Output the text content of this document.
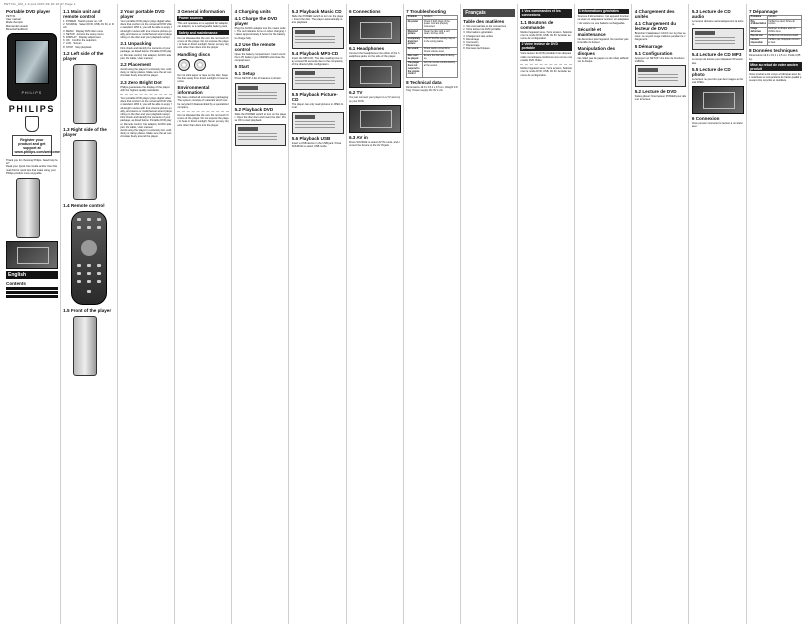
PET741_UM_1.0 qxd 2007-03-30 16:37 Page 1
Portable DVD player
PET741
User manual
Mode d'emploi
Manual del usuario
Benutzerhandbuch
PHILIPS
PHILIPS
Register your product and get support at
www.philips.com/welcome
Thank you for choosing Philips. Need help fast?
Read your Quick Use Guide and/or User Manual first for quick tips that make using your Philips product more enjoyable.
English
Contents
1.1 Main unit and remote control
1  POWER   Switch power on / off
2  SOURCE   Select DVD, USB, AV IN, or DAC
3  MENU   Display DVD disc menu
4  SETUP   Access the setup menu
5  DISPLAY   Display adjustment
6  OK   Confirm the selection
7  LCD   Screen
8  STOP   Stop playback
1.2 Left side of the player
1.3 Right side of the player
1.4 Remote control
1.5 Front of the player
2 Your portable DVD player
Your portable DVD player plays digital video discs that conform to the universal DVD Video standard. With it, you will be able to enjoy full-length movies with true cinema picture quality, and stereo or multichannel sound (depending on the disc and your playback setup).
2.1 Unpacking
First check and identify the contents of your package, as listed below: Portable DVD player, Remote control, Car adaptor, AC/DC adaptor, AV cable, User manual.
2.2 Placement
Avoid using the player in extremely hot, cold, dusty or damp places. Make sure the air can circulate freely around the player.
2.3 Zero Bright Dot
Philips guarantees the display of the player with the highest quality standards.
Your portable DVD player plays digital video discs that conform to the universal DVD Video standard. With it, you will be able to enjoy full-length movies with true cinema picture quality, and stereo or multichannel sound (depending on the disc and your playback setup).
First check and identify the contents of your package, as listed below: Portable DVD player, Remote control, Car adaptor, AC/DC adaptor, AV cable, User manual.
Avoid using the player in extremely hot, cold, dusty or damp places. Make sure the air can circulate freely around the player.
3 General information
Power sources
This unit operates on a supplied AC adaptor, car adaptor, or a rechargeable battery pack.
Safety and maintenance
Do not disassemble the unit. Do not touch the lens of the player. Do not expose the player to heat or direct sunlight. Never put any objects other than discs into the player.
Handling discs
Do not stick paper or tape on the disc. Keep the disc away from direct sunlight or heat sources.
Environmental information
We have omitted all unnecessary packaging. The system consists of materials which can be recycled if disassembled by a specialized company.
Do not disassemble the unit. Do not touch the lens of the player. Do not expose the player to heat or direct sunlight. Never put any objects other than discs into the player.
4 Charging units
4.1 Charge the DVD player
Plug the AC/DC adaptor into the mains outlet. The red indicator turns on when charging. It takes approximately 4 hours for the battery to charge fully.
4.2 Use the remote control
Open the battery compartment. Insert one lithium 3V battery type CR2025 and close the compartment.
5 Start
5.1 Setup
Press SETUP. A list of features is shown.
5.2 Playback DVD
Slide the POWER switch to turn on the player. Open the disc door and insert the disc. Press OK to start playback.
5.3 Playback Music CD
Slide the POWER switch to turn on the player. Insert the disc. The player automatically starts playback.
5.4 Playback MP3-CD
Insert the MP3-CD. The disc reading time may exceed 60 seconds due to the complexity of the directory/file configuration.
5.5 Playback Picture-CD
The player can only read pictures in JPEG format.
5.6 Playback USB
Insert a USB device in the USB jack. Press SOURCE to select USB mode.
6 Connections
6.1 Headphones
Connect the headphones into either of the headphone jacks on the side of the player.
6.2 TV
You can connect your player to a TV and enjoy your DVD.
6.3 AV in
Press SOURCE to select AV IN mode, and connect the device to the AV IN jack.
7 Troubleshooting
Problem	Solution
No power	Check if both plugs of the power cord are properly connected.
Distorted picture	Clean the disc with a soft, clean, lint-free cloth.
Completely distorted picture	The NTSC/PAL setting may be in the wrong status.
No sound	Check audio connections. Check volume level.
Disc can't be played	Ensure the disc label is facing up.
The player does not respond to the remote control	Aim the remote control directly at the sensor.
8 Technical data
Dimensions 19.9 x 15.1 x 3.5 cm. Weight 0.85 kg. Power supply DC 9V 1.2A.
Français
Table des matières
1  Vos commandes et les connexions
2  Votre lecteur de DVD portable
3  Informations générales
4  Chargement des unités
5  Démarrage
6  Connexion
7  Dépannage
8  Données techniques
1 Vos commandes et les connexions
1.1 Boutons de commande
Mettre l'appareil sous / hors tension. Sélectionner le mode DVD, USB, AV IN. Accéder au menu de configuration.
2 Votre lecteur de DVD portable
Votre lecteur de DVD portable lit les disques vidéo numériques conformes à la norme universelle DVD Vidéo.
Mettre l'appareil sous / hors tension. Sélectionner le mode DVD, USB, AV IN. Accéder au menu de configuration.
3 Informations générales
Sources d'alimentation. Cet appareil fonctionne avec un adaptateur secteur, un adaptateur de voiture ou une batterie rechargeable.
Sécurité et maintenance
Ne démontez pas l'appareil. Ne touchez pas la lentille du lecteur.
Manipulation des disques
Ne collez pas de papier ou de ruban adhésif sur le disque.
4 Chargement des unités
4.1 Chargement du lecteur de DVD
Branchez l'adaptateur CA/CC sur la prise secteur. Le voyant rouge s'allume pendant le chargement.
5 Démarrage
5.1 Configuration
Appuyez sur SETUP. Une liste de fonctions s'affiche.
5.2 Lecture de DVD
Faites glisser l'interrupteur POWER pour allumer le lecteur.
5.3 Lecture de CD audio
Le lecteur démarre automatiquement la lecture.
5.4 Lecture de CD MP3
Le temps de lecture peut dépasser 60 secondes.
5.5 Lecture de CD photo
Le lecteur ne peut lire que des images au format JPEG.
6 Connexion
Vous pouvez connecter le lecteur à un téléviseur.
7 Dépannage
Problème	Solution
Pas d'alimentation	Vérifiez les deux fiches du cordon.
Image déformée	Nettoyez le disque avec un chiffon doux.
Pas de son	Vérifiez les connexions audio.
Lecture impossible	Vérifiez que l'étiquette est vers le haut.
8 Données techniques
Dimensions 19,9 x 15,1 x 3,5 cm. Poids 0,85 kg.
Mise au rebut de votre ancien produit
Votre produit a été conçu et fabriqué avec des matériaux et composants de haute qualité pouvant être recyclés et réutilisés.
